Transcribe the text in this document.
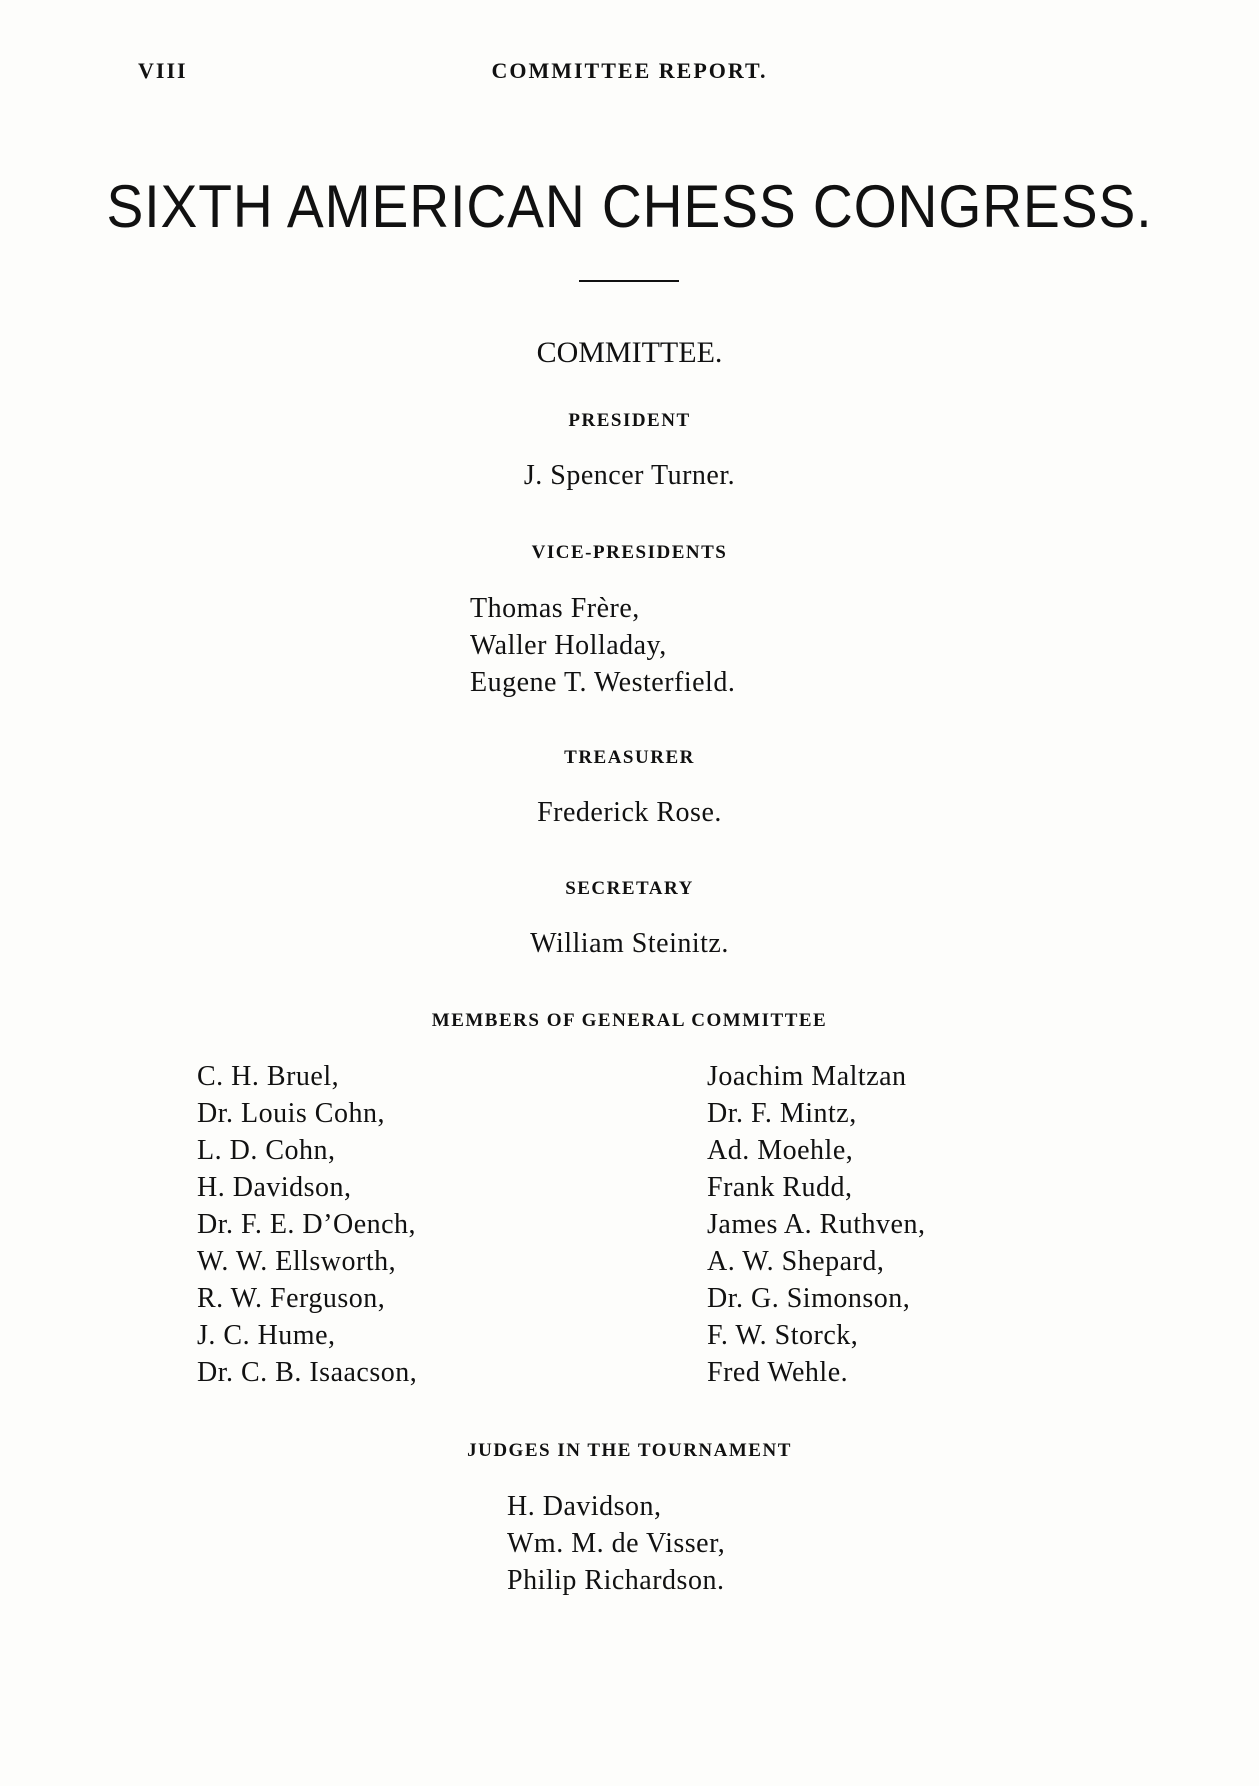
VIII	COMMITTEE REPORT.
SIXTH AMERICAN CHESS CONGRESS.
COMMITTEE.
PRESIDENT
J. Spencer Turner.
VICE-PRESIDENTS
Thomas Frère,
Waller Holladay,
Eugene T. Westerfield.
TREASURER
Frederick Rose.
SECRETARY
William Steinitz.
MEMBERS OF GENERAL COMMITTEE
C. H. Bruel,
Dr. Louis Cohn,
L. D. Cohn,
H. Davidson,
Dr. F. E. D’Oench,
W. W. Ellsworth,
R. W. Ferguson,
J. C. Hume,
Dr. C. B. Isaacson,
Joachim Maltzan
Dr. F. Mintz,
Ad. Moehle,
Frank Rudd,
James A. Ruthven,
A. W. Shepard,
Dr. G. Simonson,
F. W. Storck,
Fred Wehle.
JUDGES IN THE TOURNAMENT
H. Davidson,
Wm. M. de Visser,
Philip Richardson.
